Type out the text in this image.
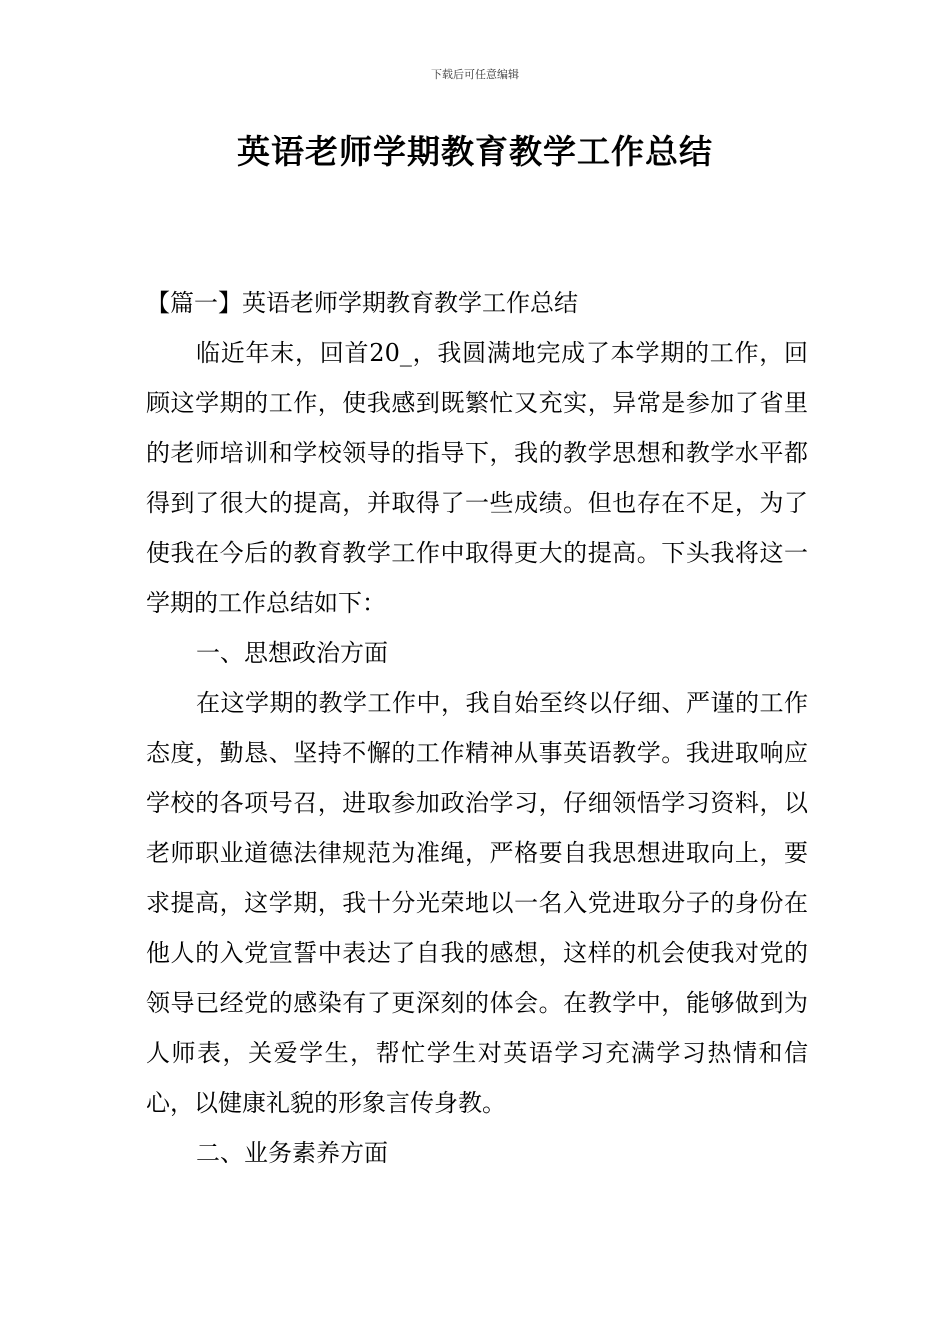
下载后可任意编辑
英语老师学期教育教学工作总结

【篇一】英语老师学期教育教学工作总结

临近年末，回首20_，我圆满地完成了本学期的工作，回顾这学期的工作，使我感到既繁忙又充实，异常是参加了省里的老师培训和学校领导的指导下，我的教学思想和教学水平都得到了很大的提高，并取得了一些成绩。但也存在不足，为了使我在今后的教育教学工作中取得更大的提高。下头我将这一学期的工作总结如下：

一、思想政治方面

在这学期的教学工作中，我自始至终以仔细、严谨的工作态度，勤恳、坚持不懈的工作精神从事英语教学。我进取响应学校的各项号召，进取参加政治学习，仔细领悟学习资料，以老师职业道德法律规范为准绳，严格要自我思想进取向上，要求提高，这学期，我十分光荣地以一名入党进取分子的身份在他人的入党宣誓中表达了自我的感想，这样的机会使我对党的领导已经党的感染有了更深刻的体会。在教学中，能够做到为人师表，关爱学生，帮忙学生对英语学习充满学习热情和信心，以健康礼貌的形象言传身教。

二、业务素养方面
